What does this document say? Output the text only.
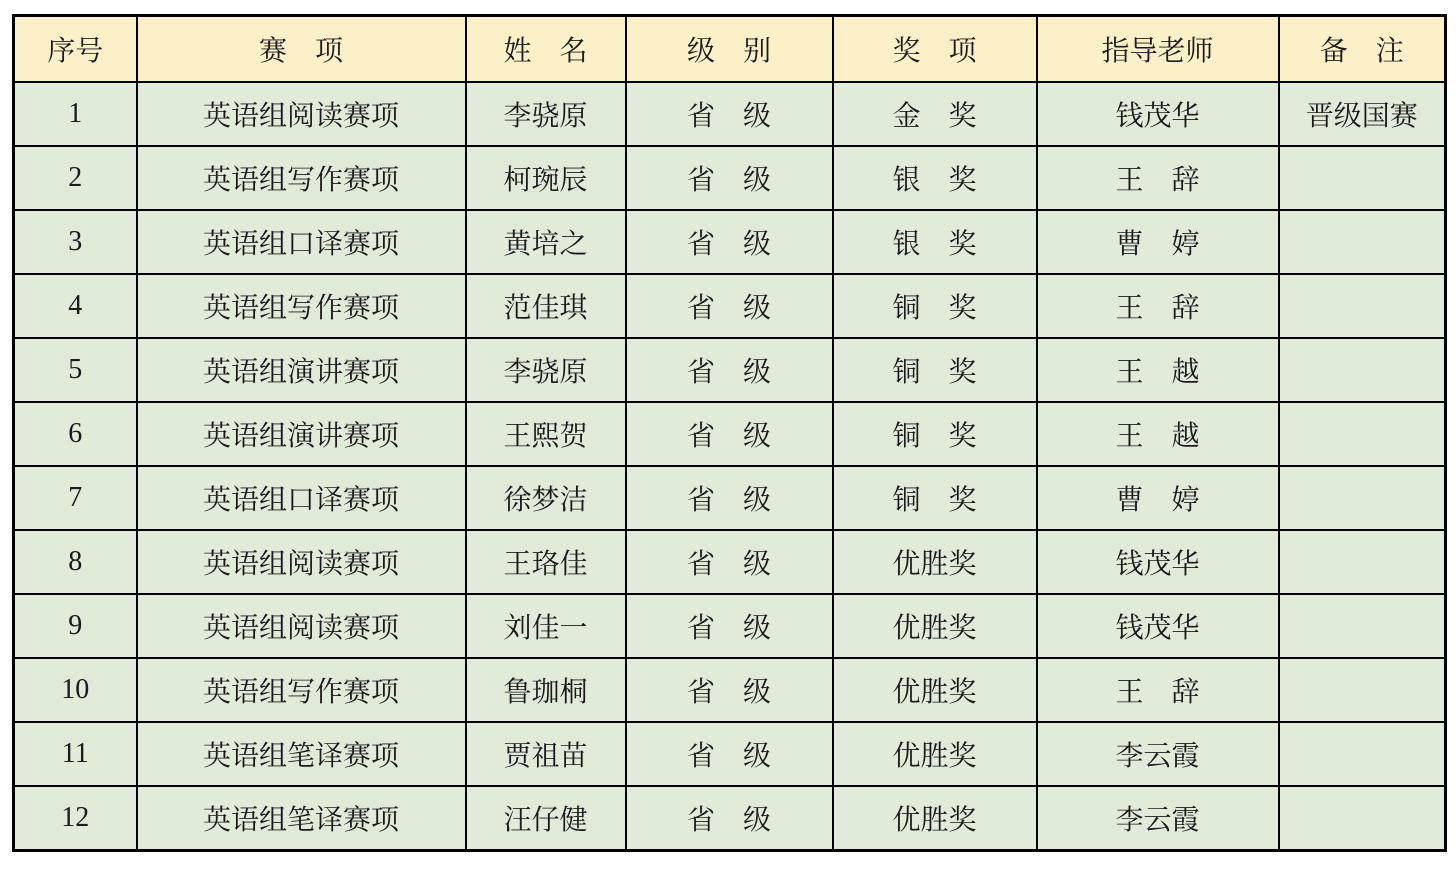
序号	赛　项	姓　名	级　别	奖　项	指导老师	备　注
1	英语组阅读赛项	李骁原	省　级	金　奖	钱茂华	晋级国赛
2	英语组写作赛项	柯琬辰	省　级	银　奖	王　辞	
3	英语组口译赛项	黄培之	省　级	银　奖	曹　婷	
4	英语组写作赛项	范佳琪	省　级	铜　奖	王　辞	
5	英语组演讲赛项	李骁原	省　级	铜　奖	王　越	
6	英语组演讲赛项	王熙贺	省　级	铜　奖	王　越	
7	英语组口译赛项	徐梦洁	省　级	铜　奖	曹　婷	
8	英语组阅读赛项	王珞佳	省　级	优胜奖	钱茂华	
9	英语组阅读赛项	刘佳一	省　级	优胜奖	钱茂华	
10	英语组写作赛项	鲁珈桐	省　级	优胜奖	王　辞	
11	英语组笔译赛项	贾祖苗	省　级	优胜奖	李云霞	
12	英语组笔译赛项	汪仔健	省　级	优胜奖	李云霞	
